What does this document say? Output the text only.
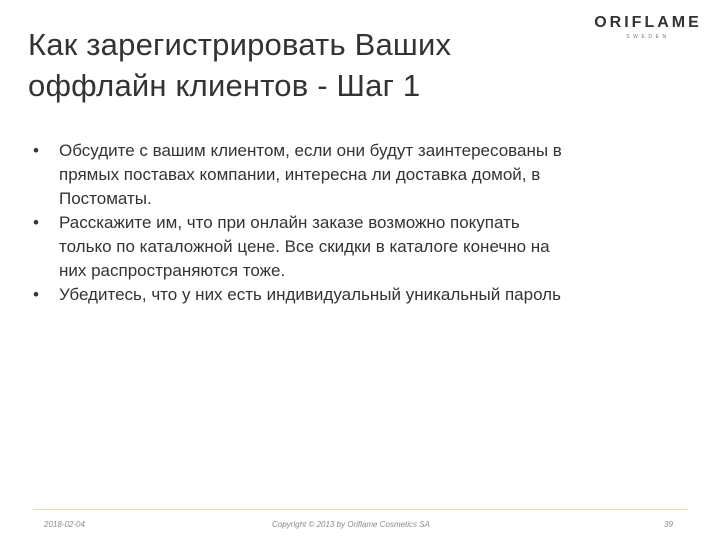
Как зарегистрировать Ваших
оффлайн клиентов - Шаг 1
ORIFLAME
SWEDEN
•	Обсудите с вашим клиентом, если они будут заинтересованы в
прямых поставах компании, интересна ли доставка домой, в
Постоматы.
•	Расскажите им, что при онлайн заказе возможно покупать
только по каталожной цене. Все скидки в каталоге конечно на
них распространяются тоже.
•	Убедитесь, что у них есть индивидуальный уникальный пароль
2018-02-04	Copyright © 2013 by Oriflame Cosmetics SA	39
